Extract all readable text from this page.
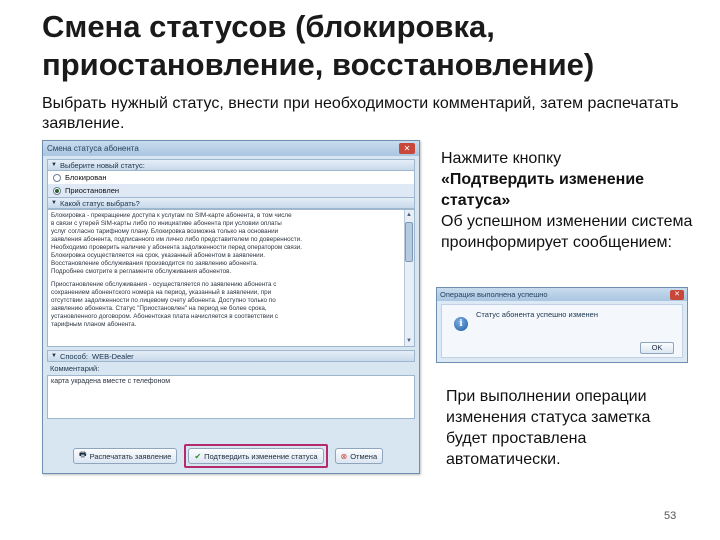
Смена статусов (блокировка, приостановление, восстановление)
Выбрать нужный статус, внести при необходимости комментарий, затем распечатать заявление.
Смена статуса абонента	✕
▼ Выберите новый статус:
Блокирован
Приостановлен
▼ Какой статус выбрать?

Блокировка - прекращение доступа к услугам по SIM-карте абонента, в том числе

в связи с утерей SIM-карты либо по инициативе абонента при условии оплаты

услуг согласно тарифному плану. Блокировка возможна только на основании

заявления абонента, подписанного им лично либо представителем по доверенности.

Необходимо проверить наличие у абонента задолженности перед оператором связи.

Блокировка осуществляется на срок, указанный абонентом в заявлении.

Восстановление обслуживания производится по заявлению абонента.

Подробнее смотрите в регламенте обслуживания абонентов.

Приостановление обслуживания - осуществляется по заявлению абонента с

сохранением абонентского номера на период, указанный в заявлении, при

отсутствии задолженности по лицевому счету абонента. Доступно только по

заявлению абонента. Статус "Приостановлен" на период не более срока,

установленного договором. Абонентская плата начисляется в соответствии с

тарифным планом абонента.

▲
▼
▼ Способ: WEB-Dealer
Комментарий:
карта украдена вместе с телефоном
🖶 Распечатать заявление	✔ Подтвердить изменение статуса	⊗ Отмена
Нажмите кнопку
«Подтвердить изменение статуса»
Об успешном изменении система проинформирует сообщением:
Операция выполнена успешно	✕
i
Статус абонента успешно изменен
OK
При выполнении операции изменения статуса заметка будет проставлена автоматически.
53
